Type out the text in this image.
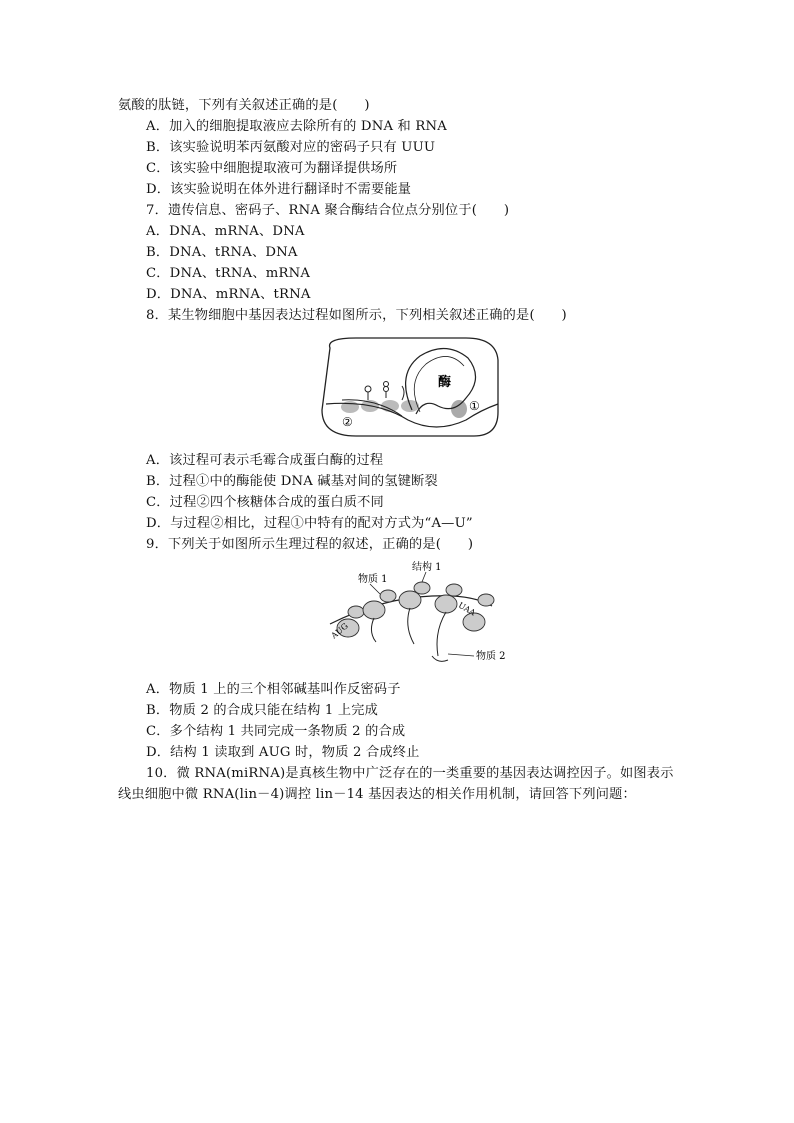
氨酸的肽链，下列有关叙述正确的是(　　)
A．加入的细胞提取液应去除所有的 DNA 和 RNA
B．该实验说明苯丙氨酸对应的密码子只有 UUU
C．该实验中细胞提取液可为翻译提供场所
D．该实验说明在体外进行翻译时不需要能量
7．遗传信息、密码子、RNA 聚合酶结合位点分别位于(　　)
A．DNA、mRNA、DNA
B．DNA、tRNA、DNA
C．DNA、tRNA、mRNA
D．DNA、mRNA、tRNA
8．某生物细胞中基因表达过程如图所示，下列相关叙述正确的是(　　)
酶
①
②
A．该过程可表示毛霉合成蛋白酶的过程
B．过程①中的酶能使 DNA 碱基对间的氢键断裂
C．过程②四个核糖体合成的蛋白质不同
D．与过程②相比，过程①中特有的配对方式为“A—U”
9．下列关于如图所示生理过程的叙述，正确的是(　　)
物质 1
结构 1
物质 2
AUG
UAA
A．物质 1 上的三个相邻碱基叫作反密码子
B．物质 2 的合成只能在结构 1 上完成
C．多个结构 1 共同完成一条物质 2 的合成
D．结构 1 读取到 AUG 时，物质 2 合成终止
10．微 RNA(miRNA)是真核生物中广泛存在的一类重要的基因表达调控因子。如图表示
线虫细胞中微 RNA(lin－4)调控 lin－14 基因表达的相关作用机制，请回答下列问题：
